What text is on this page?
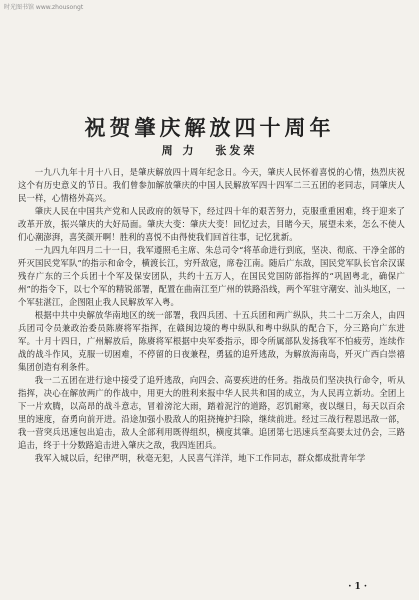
时光图书馆 www.zhousongt
祝贺肇庆解放四十周年
周 力 张发荣

一九八九年十月十八日，是肇庆解放四十周年纪念日。今天，肇庆人民怀着喜悦的心情，热烈庆祝这个有历史意义的节日。我们曾参加解放肇庆的中国人民解放军四十四军二三五团的老同志，同肇庆人民一样，心情格外高兴。

肇庆人民在中国共产党和人民政府的领导下，经过四十年的艰苦努力，克服重重困难，终于迎来了改革开放，振兴肇庆的大好局面。肇庆大变：肇庆大变！回忆过去，目睹今天，展望未来，怎么不使人们心潮澎湃，喜笑颜开啊！胜利的喜悦不由得使我们回首往事，记忆犹新。

一九四九年四月二十一日，我军遵照毛主席、朱总司令“将革命进行到底，坚决、彻底、干净全部的歼灭国民党军队”的指示和命令，横渡长江，穷歼敌寇，席卷江南。随后广东敌，国民党军队长官余汉谋残存广东的三个兵团十个军及保安团队，共约十五万人，在国民党国防部指挥的“巩固粤北，确保广州”的指令下，以七个军的精锐部署，配置在曲南江至广州的铁路沿线，两个军驻守潮安、汕头地区，一个军驻湛江，企图阻止我人民解放军入粤。

根据中共中央解放华南地区的统一部署，我四兵团、十五兵团和两广纵队，共二十二万余人，由四兵团司令员兼政治委员陈赓将军指挥，在赣闽边境的粤中纵队和粤中纵队的配合下，分三路向广东进军。十月十四日，广州解放后，陈赓将军根据中央军委指示，即令所属部队发扬我军不怕疲劳，连续作战的战斗作风，克服一切困难，不停留的日夜兼程，勇猛的追歼逃敌，为解放海南岛，歼灭广西白崇禧集团创造有利条件。

我一二五团在进行途中接受了追歼逃敌，向四会、高要疾进的任务。指战员们坚决执行命令，听从指挥，决心在解放两广的作战中，用更大的胜利来报中华人民共和国的成立，为人民再立新功。全团上下一片欢腾，以高昂的战斗意志，冒着滂沱大雨，踏着泥泞的道路，忍饥耐寒，夜以继日，每天以百余里的速度，奋勇向前开进。沿途加强小股敌人的阻挠掩护扫除，继续前进。经过三战行程恩迅敌一部，我一营突兵迅速包出追击，敌人全部利用既得组织，横度其肇。追团第七迅速兵至高要太过仍会，三路追击，终于十分数路追击进入肇庆之敌，我四连团兵。

我军入城以后，纪律严明，秋毫无犯，人民喜气洋洋，地下工作同志，群众都成批青年学

· 1 ·
